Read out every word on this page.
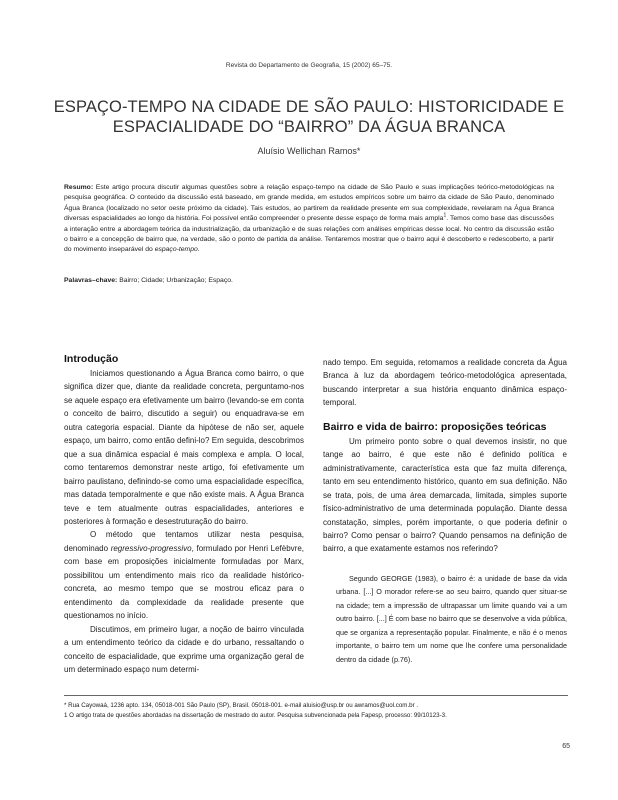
Revista do Departamento de Geografia, 15 (2002) 65–75.
ESPAÇO-TEMPO NA CIDADE DE SÃO PAULO: HISTORICIDADE E
ESPACIALIDADE DO “BAIRRO” DA ÁGUA BRANCA
Aluísio Wellichan Ramos*
Resumo: Este artigo procura discutir algumas questões sobre a relação espaço-tempo na cidade de São Paulo e suas implicações teórico-metodológicas na pesquisa geográfica. O conteúdo da discussão está baseado, em grande medida, em estudos empíricos sobre um bairro da cidade de São Paulo, denominado Água Branca (localizado no setor oeste próximo da cidade). Tais estudos, ao partirem da realidade presente em sua complexidade, revelaram na Água Branca diversas espacialidades ao longo da história. Foi possível então compreender o presente desse espaço de forma mais ampla$^1$. Temos como base das discussões a interação entre a abordagem teórica da industrialização, da urbanização e de suas relações com análises empíricas desse local. No centro da discussão estão o bairro e a concepção de bairro que, na verdade, são o ponto de partida da análise. Tentaremos mostrar que o bairro aqui é descoberto e redescoberto, a partir do movimento inseparável do espaço-tempo.
Palavras–chave: Bairro; Cidade; Urbanização; Espaço.
Introdução

Iniciamos questionando a Água Branca como bairro, o que significa dizer que, diante da realidade concreta, perguntamo-nos se aquele espaço era efetivamente um bairro (levando-se em conta o conceito de bairro, discutido a seguir) ou enquadrava-se em outra categoria espacial. Diante da hipótese de não ser, aquele espaço, um bairro, como então defini-lo? Em seguida, descobrimos que a sua dinâmica espacial é mais complexa e ampla. O local, como tentaremos demonstrar neste artigo, foi efetivamente um bairro paulistano, definindo-se como uma espacialidade específica, mas datada temporalmente e que não existe mais. A Água Branca teve e tem atualmente outras espacialidades, anteriores e posteriores à formação e desestruturação do bairro.

O método que tentamos utilizar nesta pesquisa, denominado regressivo-progressivo, formulado por Henri Lefèbvre, com base em proposições inicialmente formuladas por Marx, possibilitou um entendimento mais rico da realidade histórico-concreta, ao mesmo tempo que se mostrou eficaz para o entendimento da complexidade da realidade presente que questionamos no início.

Discutimos, em primeiro lugar, a noção de bairro vinculada a um entendimento teórico da cidade e do urbano, ressaltando o conceito de espacialidade, que exprime uma organização geral de um determinado espaço num determi-

nado tempo. Em seguida, retomamos a realidade concreta da Água Branca à luz da abordagem teórico-metodológica apresentada, buscando interpretar a sua história enquanto dinâmica espaço-temporal.

Bairro e vida de bairro: proposições teóricas

Um primeiro ponto sobre o qual devemos insistir, no que tange ao bairro, é que este não é definido política e administrativamente, característica esta que faz muita diferença, tanto em seu entendimento histórico, quanto em sua definição. Não se trata, pois, de uma área demarcada, limitada, simples suporte físico-administrativo de uma determinada população. Diante dessa constatação, simples, porém importante, o que poderia definir o bairro? Como pensar o bairro? Quando pensamos na definição de bairro, a que exatamente estamos nos referindo?

Segundo GEORGE (1983), o bairro é: a unidade de base da vida urbana. [...] O morador refere-se ao seu bairro, quando quer situar-se na cidade; tem a impressão de ultrapassar um limite quando vai a um outro bairro. [...] É com base no bairro que se desenvolve a vida pública, que se organiza a representação popular. Finalmente, e não é o menos importante, o bairro tem um nome que lhe confere uma personalidade dentro da cidade (p.76).

* Rua Cayowaá, 1236 apto. 134, 05018-001 São Paulo (SP), Brasil. 05018-001. e-mail aluisio@usp.br ou awramos@uol.com.br .
1 O artigo trata de questões abordadas na dissertação de mestrado do autor. Pesquisa subvencionada pela Fapesp, processo: 99/10123-3.
65
